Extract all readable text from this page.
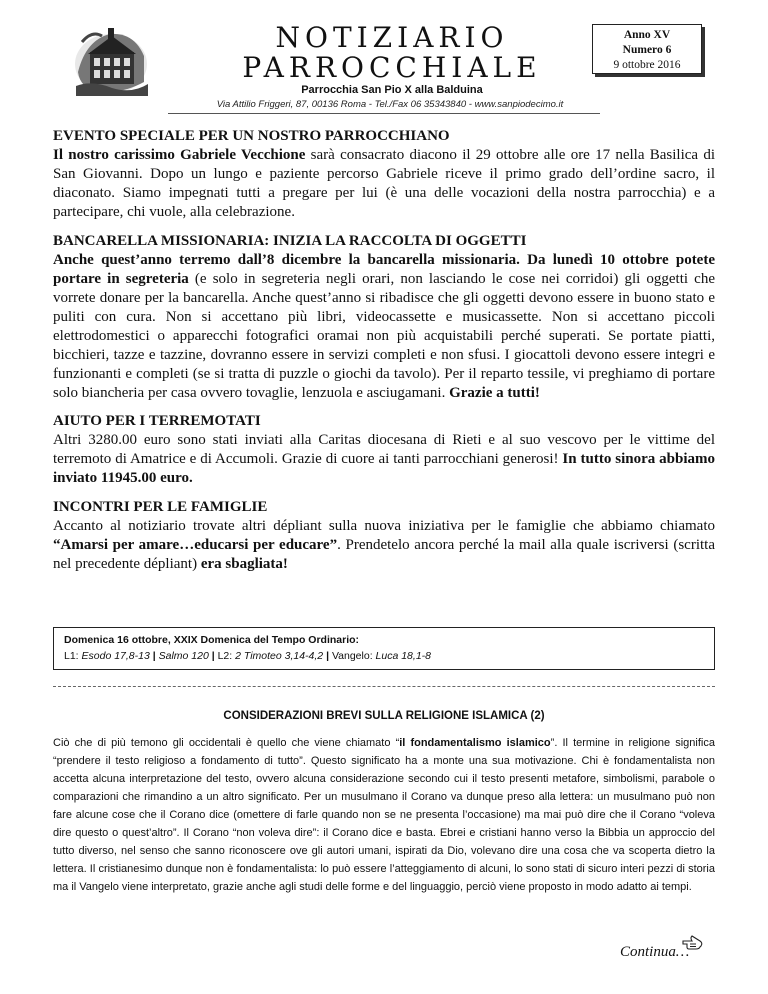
NOTIZIARIO
PARROCCHIALE
Parrocchia San Pio X alla Balduina
Via Attilio Friggeri, 87, 00136 Roma - Tel./Fax 06 35343840 - www.sanpiodecimo.it
Anno XV
Numero 6
9 ottobre 2016
EVENTO SPECIALE PER UN NOSTRO PARROCCHIANO

Il nostro carissimo Gabriele Vecchione sarà consacrato diacono il 29 ottobre alle ore 17 nella Basilica di San Giovanni. Dopo un lungo e paziente percorso Gabriele riceve il primo grado dell’ordine sacro, il diaconato. Siamo impegnati tutti a pregare per lui (è una delle vocazioni della nostra parrocchia) e a partecipare, chi vuole, alla celebrazione.

BANCARELLA MISSIONARIA: INIZIA LA RACCOLTA DI OGGETTI

Anche quest’anno terremo dall’8 dicembre la bancarella missionaria. Da lunedì 10 ottobre potete portare in segreteria (e solo in segreteria negli orari, non lasciando le cose nei corridoi) gli oggetti che vorrete donare per la bancarella. Anche quest’anno si ribadisce che gli oggetti devono essere in buono stato e puliti con cura. Non si accettano più libri, videocassette e musicassette. Non si accettano piccoli elettrodomestici o apparecchi fotografici oramai non più acquistabili perché superati. Se portate piatti, bicchieri, tazze e tazzine, dovranno essere in servizi completi e non sfusi. I giocattoli devono essere integri e funzionanti e completi (se si tratta di puzzle o giochi da tavolo). Per il reparto tessile, vi preghiamo di portare solo biancheria per casa ovvero tovaglie, lenzuola e asciugamani. Grazie a tutti!

AIUTO PER I TERREMOTATI

Altri 3280.00 euro sono stati inviati alla Caritas diocesana di Rieti e al suo vescovo per le vittime del terremoto di Amatrice e di Accumoli. Grazie di cuore ai tanti parrocchiani generosi! In tutto sinora abbiamo inviato 11945.00 euro.

INCONTRI PER LE FAMIGLIE

Accanto al notiziario trovate altri dépliant sulla nuova iniziativa per le famiglie che abbiamo chiamato “Amarsi per amare…educarsi per educare”. Prendetelo ancora perché la mail alla quale iscriversi (scritta nel precedente dépliant) era sbagliata!

Domenica 16 ottobre, XXIX Domenica del Tempo Ordinario:
L1: Esodo 17,8-13 | Salmo 120 | L2: 2 Timoteo 3,14-4,2 | Vangelo: Luca 18,1-8
CONSIDERAZIONI BREVI SULLA RELIGIONE ISLAMICA (2)

Ciò che di più temono gli occidentali è quello che viene chiamato “il fondamentalismo islamico”. Il termine in religione significa “prendere il testo religioso a fondamento di tutto”. Questo significato ha a monte una sua motivazione. Chi è fondamentalista non accetta alcuna interpretazione del testo, ovvero alcuna considerazione secondo cui il testo presenti metafore, simbolismi, parabole o comparazioni che rimandino a un altro significato. Per un musulmano il Corano va dunque preso alla lettera: un musulmano può non fare alcune cose che il Corano dice (omettere di farle quando non se ne presenta l’occasione) ma mai può dire che il Corano “voleva dire questo o quest’altro”. Il Corano “non voleva dire”: il Corano dice e basta. Ebrei e cristiani hanno verso la Bibbia un approccio del tutto diverso, nel senso che sanno riconoscere ove gli autori umani, ispirati da Dio, volevano dire una cosa che va scoperta dietro la lettera. Il cristianesimo dunque non è fondamentalista: lo può essere l’atteggiamento di alcuni, lo sono stati di sicuro interi pezzi di storia ma il Vangelo viene interpretato, grazie anche agli studi delle forme e del linguaggio, perciò viene proposto in modo adatto ai tempi.

Continua…
